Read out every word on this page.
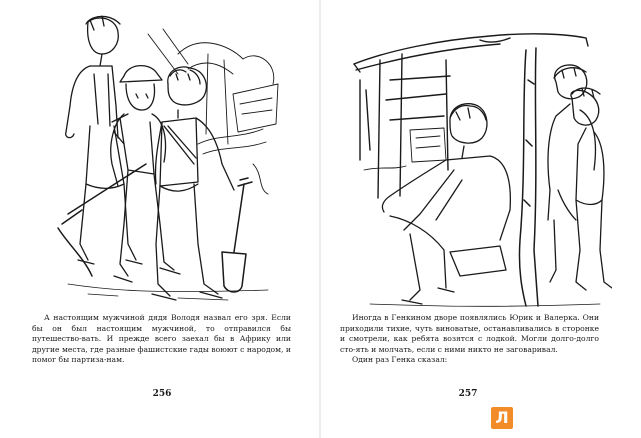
А настоящим мужчиной дядя Володя назвал его зря. Если бы он был настоящим мужчиной, то отправился бы путешество-вать. И прежде всего заехал бы в Африку или другие места, где разные фашистские гады воюют с народом, и помог бы партиза-нам.

256

Иногда в Генкином дворе появлялись Юрик и Валерка. Они приходили тихие, чуть виноватые, останавливались в сторонке и смотрели, как ребята возятся с лодкой. Могли долго-долго сто-ять и молчать, если с ними никто не заговаривал.

Один раз Генка сказал:

257
Л
